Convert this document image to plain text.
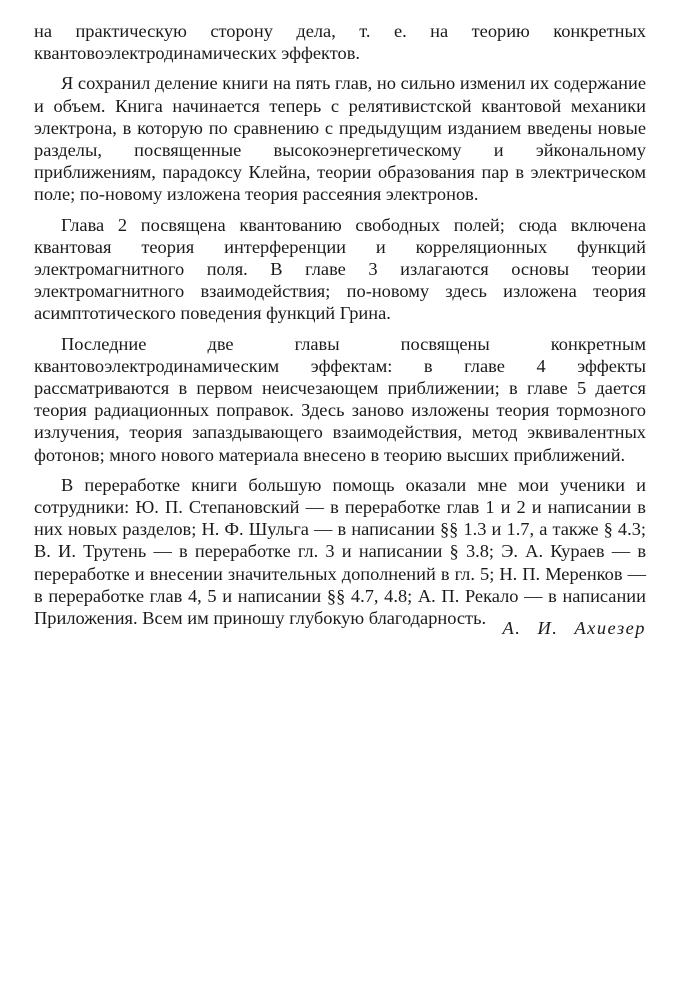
на практическую сторону дела, т. е. на теорию конкретных квантовоэлектродинамических эффектов.

Я сохранил деление книги на пять глав, но сильно изменил их содержание и объем. Книга начинается теперь с релятивистской квантовой механики электрона, в которую по сравнению с предыдущим изданием введены новые разделы, посвященные высокоэнергетическому и эйкональному приближениям, парадоксу Клейна, теории образования пар в электрическом поле; по-новому изложена теория рассеяния электронов.

Глава 2 посвящена квантованию свободных полей; сюда включена квантовая теория интерференции и корреляционных функций электромагнитного поля. В главе 3 излагаются основы теории электромагнитного взаимодействия; по-новому здесь изложена теория асимптотического поведения функций Грина.

Последние две главы посвящены конкретным квантовоэлектродинамическим эффектам: в главе 4 эффекты рассматриваются в первом неисчезающем приближении; в главе 5 дается теория радиационных поправок. Здесь заново изложены теория тормозного излучения, теория запаздывающего взаимодействия, метод эквивалентных фотонов; много нового материала внесено в теорию высших приближений.

В переработке книги большую помощь оказали мне мои ученики и сотрудники: Ю. П. Степановский — в переработке глав 1 и 2 и написании в них новых разделов; Н. Ф. Шульга — в написании §§ 1.3 и 1.7, а также § 4.3; В. И. Трутень — в переработке гл. 3 и написании § 3.8; Э. А. Кураев — в переработке и внесении значительных дополнений в гл. 5; Н. П. Меренков — в переработке глав 4, 5 и написании §§ 4.7, 4.8; А. П. Рекало — в написании Приложения. Всем им приношу глубокую благодарность. А. И. Ахиезер
